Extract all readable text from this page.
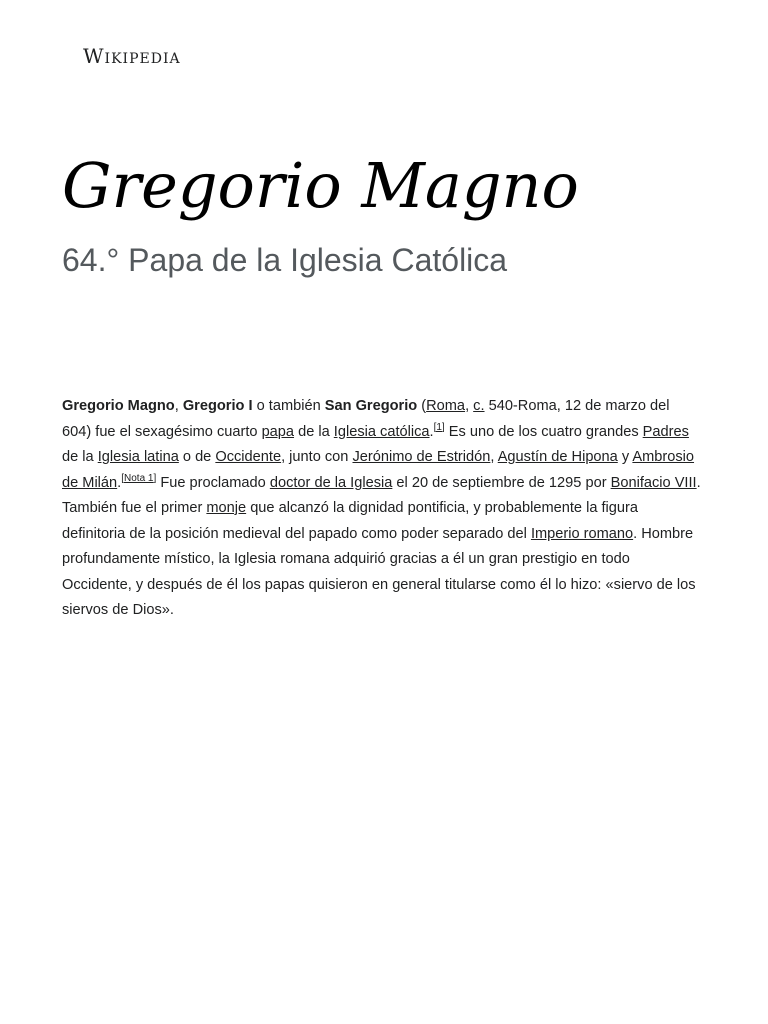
Wikipedia
Gregorio Magno
64.° Papa de la Iglesia Católica

Gregorio Magno, Gregorio I o también San Gregorio (Roma, c. 540-Roma, 12 de marzo del 604) fue el sexagésimo cuarto papa de la Iglesia católica.[1] Es uno de los cuatro grandes Padres de la Iglesia latina o de Occidente, junto con Jerónimo de Estridón, Agustín de Hipona y Ambrosio de Milán.[Nota 1] Fue proclamado doctor de la Iglesia el 20 de septiembre de 1295 por Bonifacio VIII. También fue el primer monje que alcanzó la dignidad pontificia, y probablemente la figura definitoria de la posición medieval del papado como poder separado del Imperio romano. Hombre profundamente místico, la Iglesia romana adquirió gracias a él un gran prestigio en todo Occidente, y después de él los papas quisieron en general titularse como él lo hizo: «siervo de los siervos de Dios».
